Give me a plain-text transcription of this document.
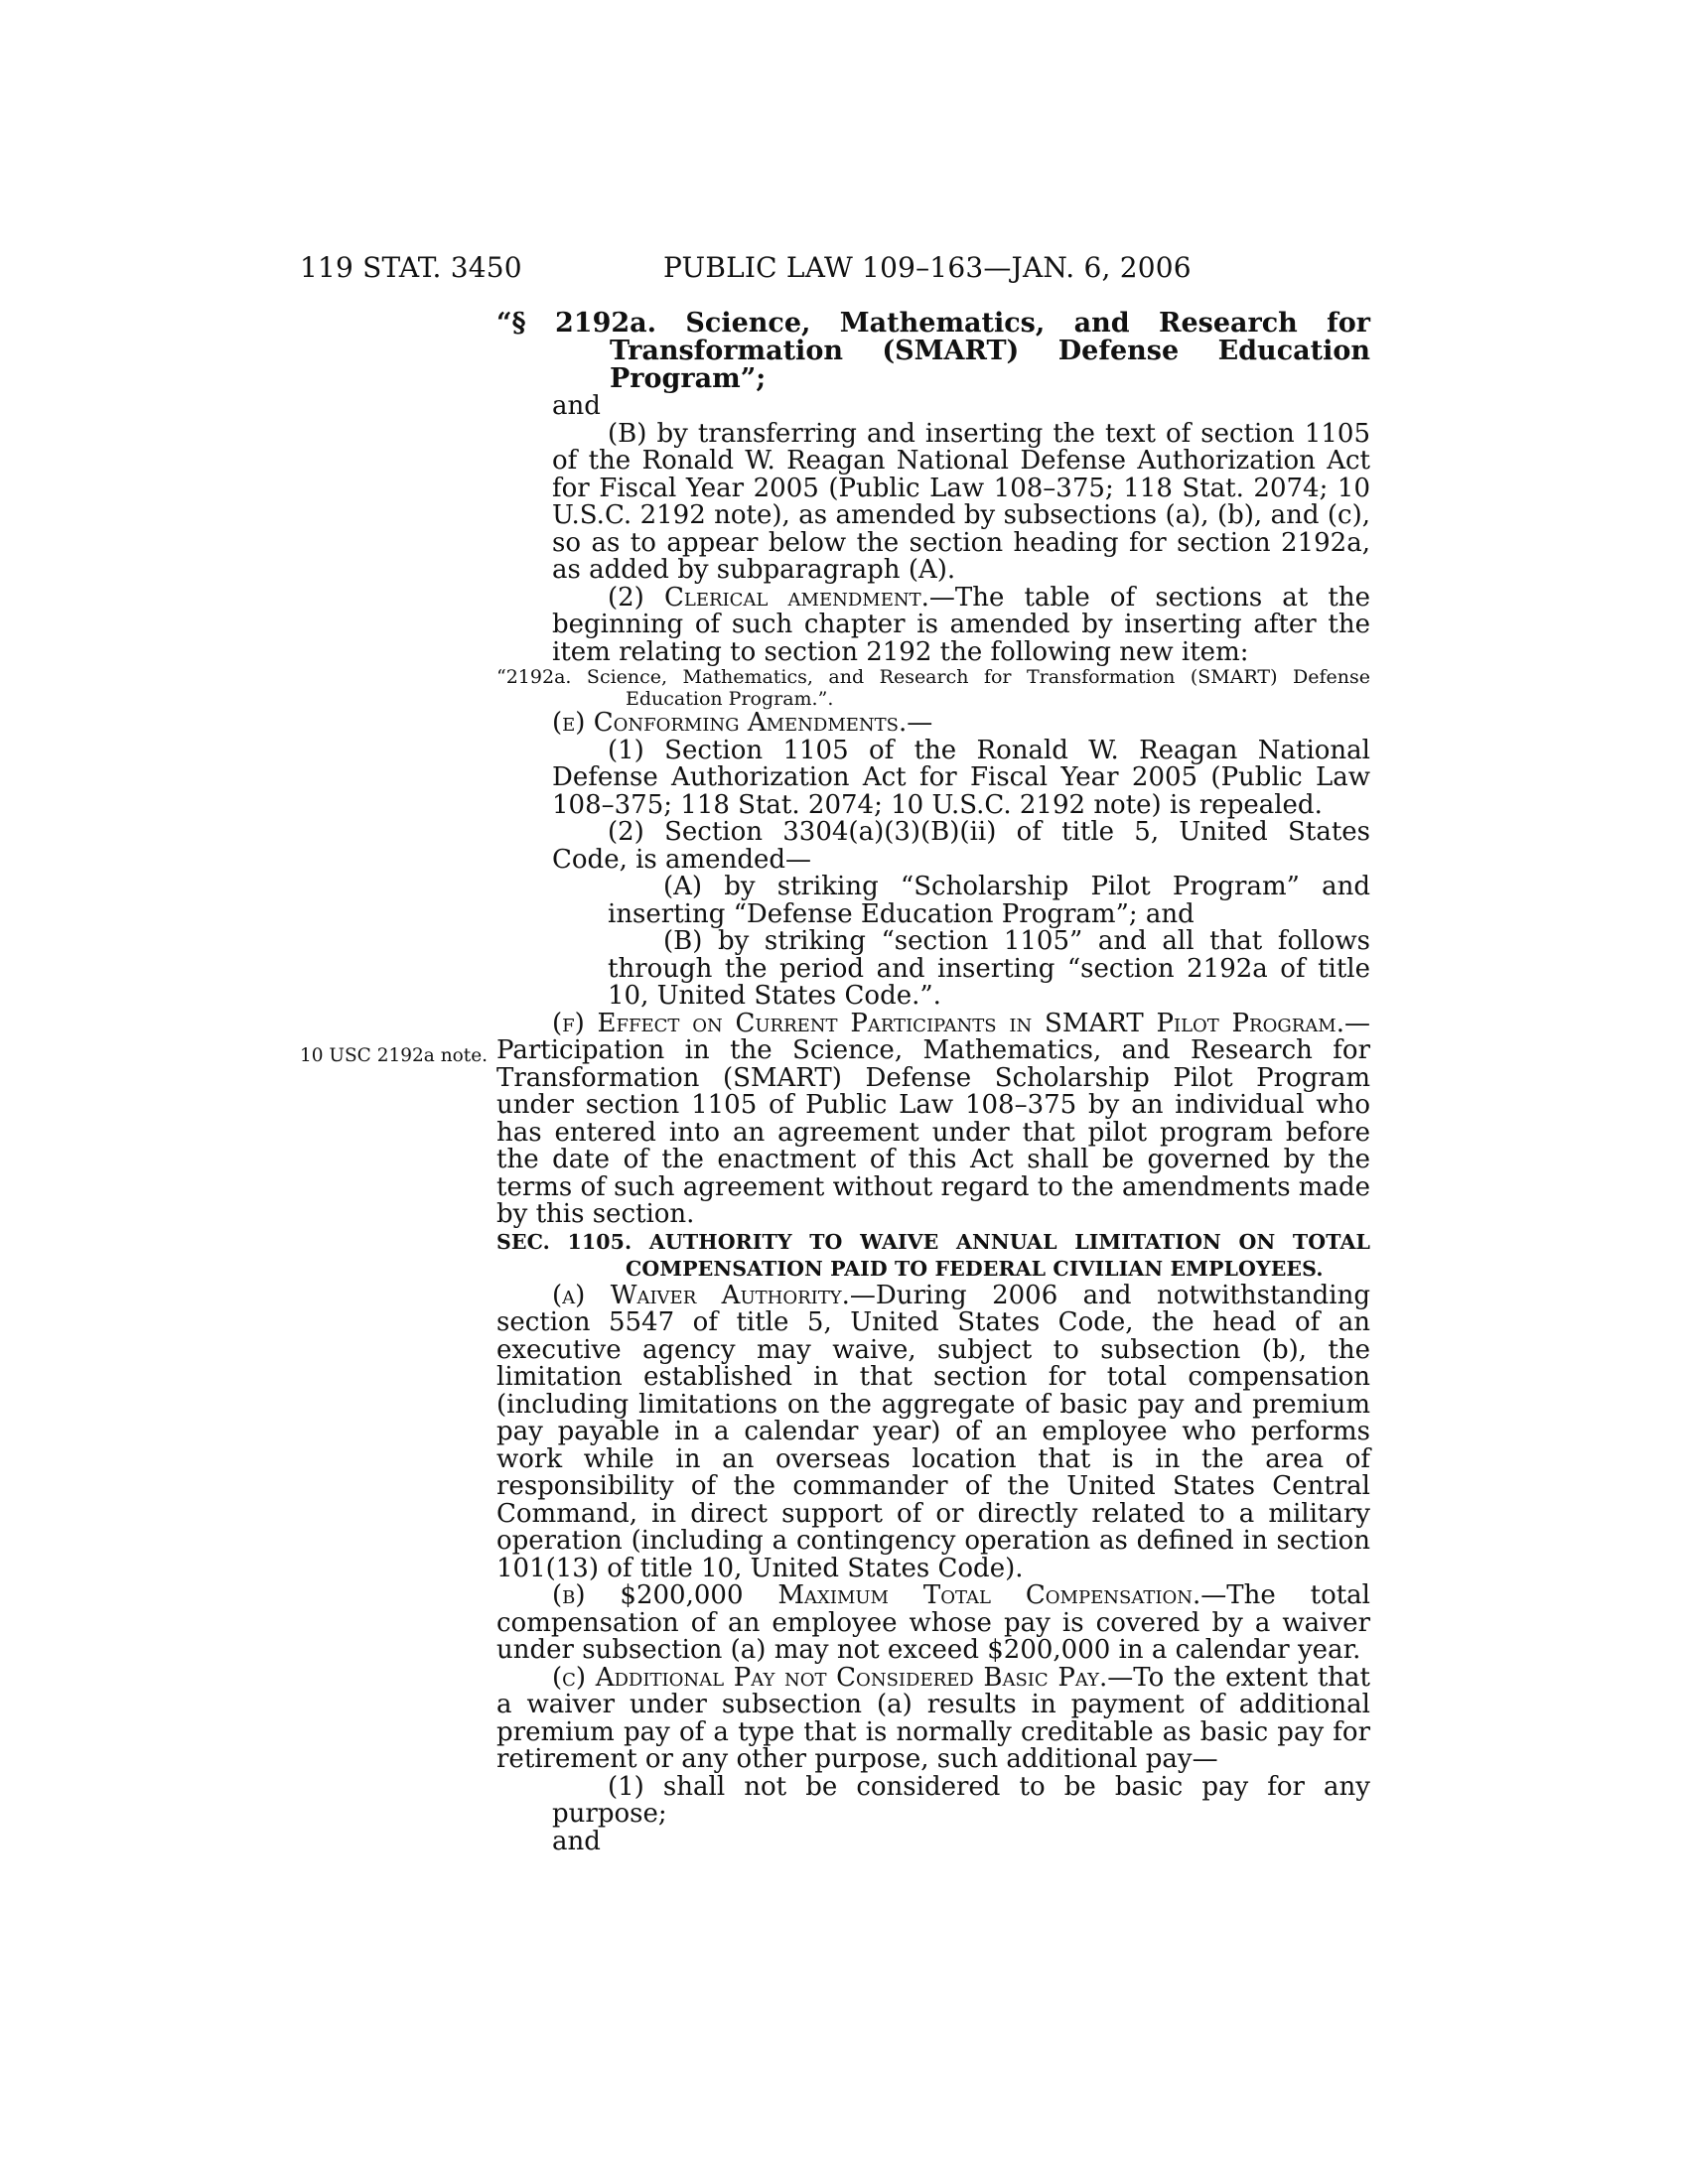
119 STAT. 3450	PUBLIC LAW 109–163—JAN. 6, 2006
10 USC 2192a note.

“§ 2192a. Science, Mathematics, and Research for Transformation (SMART) Defense Education Program”;

and

(B) by transferring and inserting the text of section 1105 of the Ronald W. Reagan National Defense Authorization Act for Fiscal Year 2005 (Public Law 108–375; 118 Stat. 2074; 10 U.S.C. 2192 note), as amended by subsections (a), (b), and (c), so as to appear below the section heading for section 2192a, as added by subparagraph (A).

(2) Clerical amendment.—The table of sections at the beginning of such chapter is amended by inserting after the item relating to section 2192 the following new item:

“2192a. Science, Mathematics, and Research for Transformation (SMART) Defense Education Program.”.

(e) Conforming Amendments.—

(1) Section 1105 of the Ronald W. Reagan National Defense Authorization Act for Fiscal Year 2005 (Public Law 108–375; 118 Stat. 2074; 10 U.S.C. 2192 note) is repealed.

(2) Section 3304(a)(3)(B)(ii) of title 5, United States Code, is amended—

(A) by striking “Scholarship Pilot Program” and inserting “Defense Education Program”; and

(B) by striking “section 1105” and all that follows through the period and inserting “section 2192a of title 10, United States Code.”.

(f) Effect on Current Participants in SMART Pilot Program.—Participation in the Science, Mathematics, and Research for Transformation (SMART) Defense Scholarship Pilot Program under section 1105 of Public Law 108–375 by an individual who has entered into an agreement under that pilot program before the date of the enactment of this Act shall be governed by the terms of such agreement without regard to the amendments made by this section.

SEC. 1105. AUTHORITY TO WAIVE ANNUAL LIMITATION ON TOTAL COMPENSATION PAID TO FEDERAL CIVILIAN EMPLOYEES.

(a) Waiver Authority.—During 2006 and notwithstanding section 5547 of title 5, United States Code, the head of an executive agency may waive, subject to subsection (b), the limitation established in that section for total compensation (including limitations on the aggregate of basic pay and premium pay payable in a calendar year) of an employee who performs work while in an overseas location that is in the area of responsibility of the commander of the United States Central Command, in direct support of or directly related to a military operation (including a contingency operation as defined in section 101(13) of title 10, United States Code).

(b) $200,000 Maximum Total Compensation.—The total compensation of an employee whose pay is covered by a waiver under subsection (a) may not exceed $200,000 in a calendar year.

(c) Additional Pay not Considered Basic Pay.—To the extent that a waiver under subsection (a) results in payment of additional premium pay of a type that is normally creditable as basic pay for retirement or any other purpose, such additional pay—

(1) shall not be considered to be basic pay for any purpose;

and
